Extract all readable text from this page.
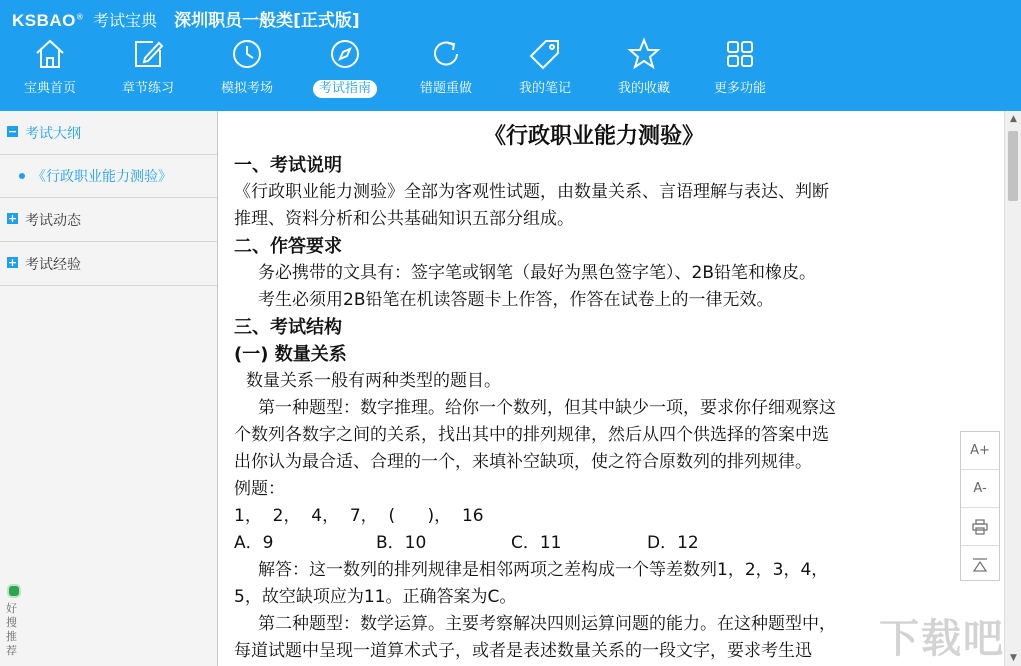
KSBAO® 考试宝典 深圳职员一般类[正式版]
宝典首页	章节练习	模拟考场	考试指南	错题重做	我的笔记	我的收藏	更多功能
− 考试大纲
《行政职业能力测验》
+ 考试动态
+ 考试经验
好搜推荐
《行政职业能力测验》
一、考试说明
《行政职业能力测验》全部为客观性试题，由数量关系、言语理解与表达、判断
推理、资料分析和公共基础知识五部分组成。
二、作答要求
务必携带的文具有：签字笔或钢笔（最好为黑色签字笔）、2B铅笔和橡皮。
考生必须用2B铅笔在机读答题卡上作答，作答在试卷上的一律无效。
三、考试结构
(一) 数量关系
数量关系一般有两种类型的题目。
第一种题型：数字推理。给你一个数列，但其中缺少一项，要求你仔细观察这
个数列各数字之间的关系，找出其中的排列规律，然后从四个供选择的答案中选
出你认为最合适、合理的一个，来填补空缺项，使之符合原数列的排列规律。
例题：
1，  2，  4，  7，  (      )，  16
A．9	B．10	C．11	D．12
解答：这一数列的排列规律是相邻两项之差构成一个等差数列1，2，3，4，
5，故空缺项应为11。正确答案为C。
第二种题型：数学运算。主要考察解决四则运算问题的能力。在这种题型中，
每道试题中呈现一道算术式子，或者是表述数量关系的一段文字，要求考生迅
▲
▼
A+
A-
下载吧
